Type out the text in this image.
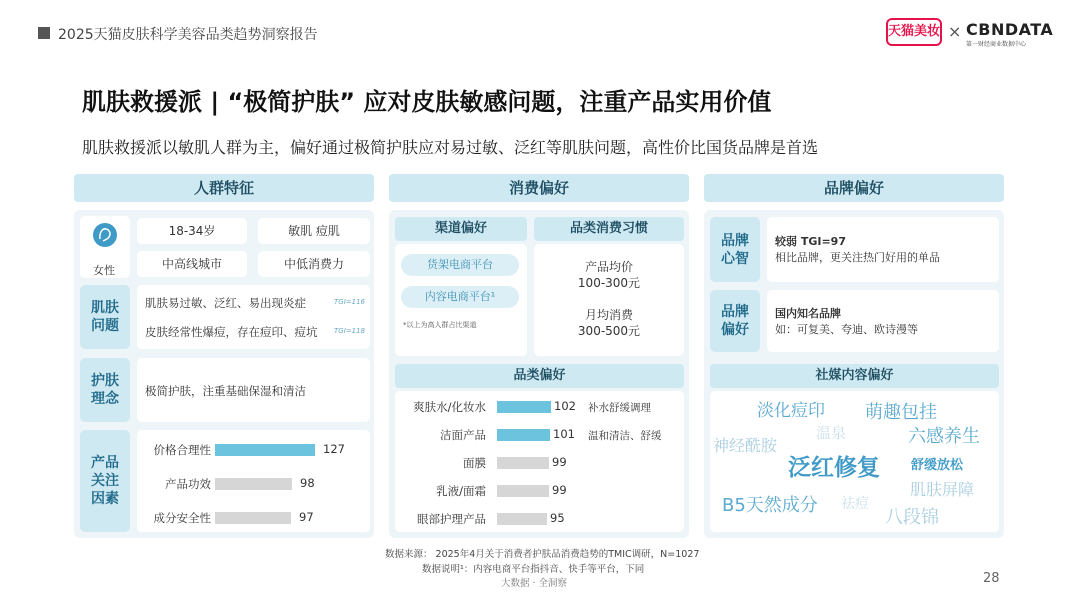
2025天猫皮肤科学美容品类趋势洞察报告	天猫美妆 × CBNDATA
第一财经商业数据中心
肌肤救援派 | “极简护肤” 应对皮肤敏感问题，注重产品实用价值
肌肤救援派以敏肌人群为主，偏好通过极简护肤应对易过敏、泛红等肌肤问题，高性价比国货品牌是首选
人群特征	消费偏好	品牌偏好
女性
18-34岁	敏肌 痘肌
中高线城市	中低消费力
肌肤
问题
肌肤易过敏、泛红、易出现炎症	TGI=116
皮肤经常性爆痘，存在痘印、痘坑 TGI=118
护肤
理念	极简护肤，注重基础保湿和清洁
产品
关注
因素
价格合理性	127
产品功效	98
成分安全性	97
渠道偏好
货架电商平台
内容电商平台¹
*以上为高人群占比渠道
品类消费习惯
产品均价
100-300元
月均消费
300-500元
品类偏好
爽肤水/化妆水	102 补水舒缓调理
洁面产品	101 温和清洁、舒缓
面膜	99
乳液/面霜	99
眼部护理产品	95
品牌
心智
较弱 TGI=97
相比品牌，更关注热门好用的单品
品牌
偏好
国内知名品牌
如：可复美、夸迪、欧诗漫等
社媒内容偏好
淡化痘印 萌趣包挂
温泉	六感养生
神经酰胺
泛红修复 舒缓放松
肌肤屏障
B5天然成分 祛痘
八段锦
数据来源： 2025年4月关于消费者护肤品消费趋势的TMIC调研，N=1027
数据说明¹：内容电商平台指抖音、快手等平台，下同
大数据 · 全洞察	28
